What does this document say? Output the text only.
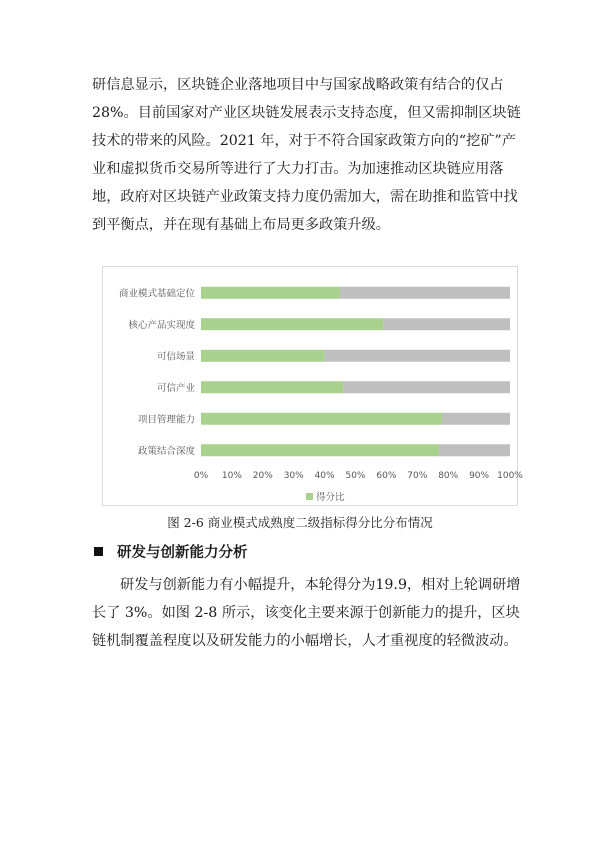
研信息显示，区块链企业落地项目中与国家战略政策有结合的仅占28%。目前国家对产业区块链发展表示支持态度，但又需抑制区块链技术的带来的风险。2021 年，对于不符合国家政策方向的“挖矿”产业和虚拟货币交易所等进行了大力打击。为加速推动区块链应用落地，政府对区块链产业政策支持力度仍需加大，需在助推和监管中找到平衡点，并在现有基础上布局更多政策升级。

商业模式基础定位
核心产品实现度
可信场景
可信产业
项目管理能力
政策结合深度
0% 10% 20% 30% 40% 50% 60% 70% 80% 90% 100%
得分比
图 2-6 商业模式成熟度二级指标得分比分布情况
研发与创新能力分析

研发与创新能力有小幅提升，本轮得分为19.9，相对上轮调研增长了 3%。如图 2-8 所示，该变化主要来源于创新能力的提升，区块链机制覆盖程度以及研发能力的小幅增长，人才重视度的轻微波动。
